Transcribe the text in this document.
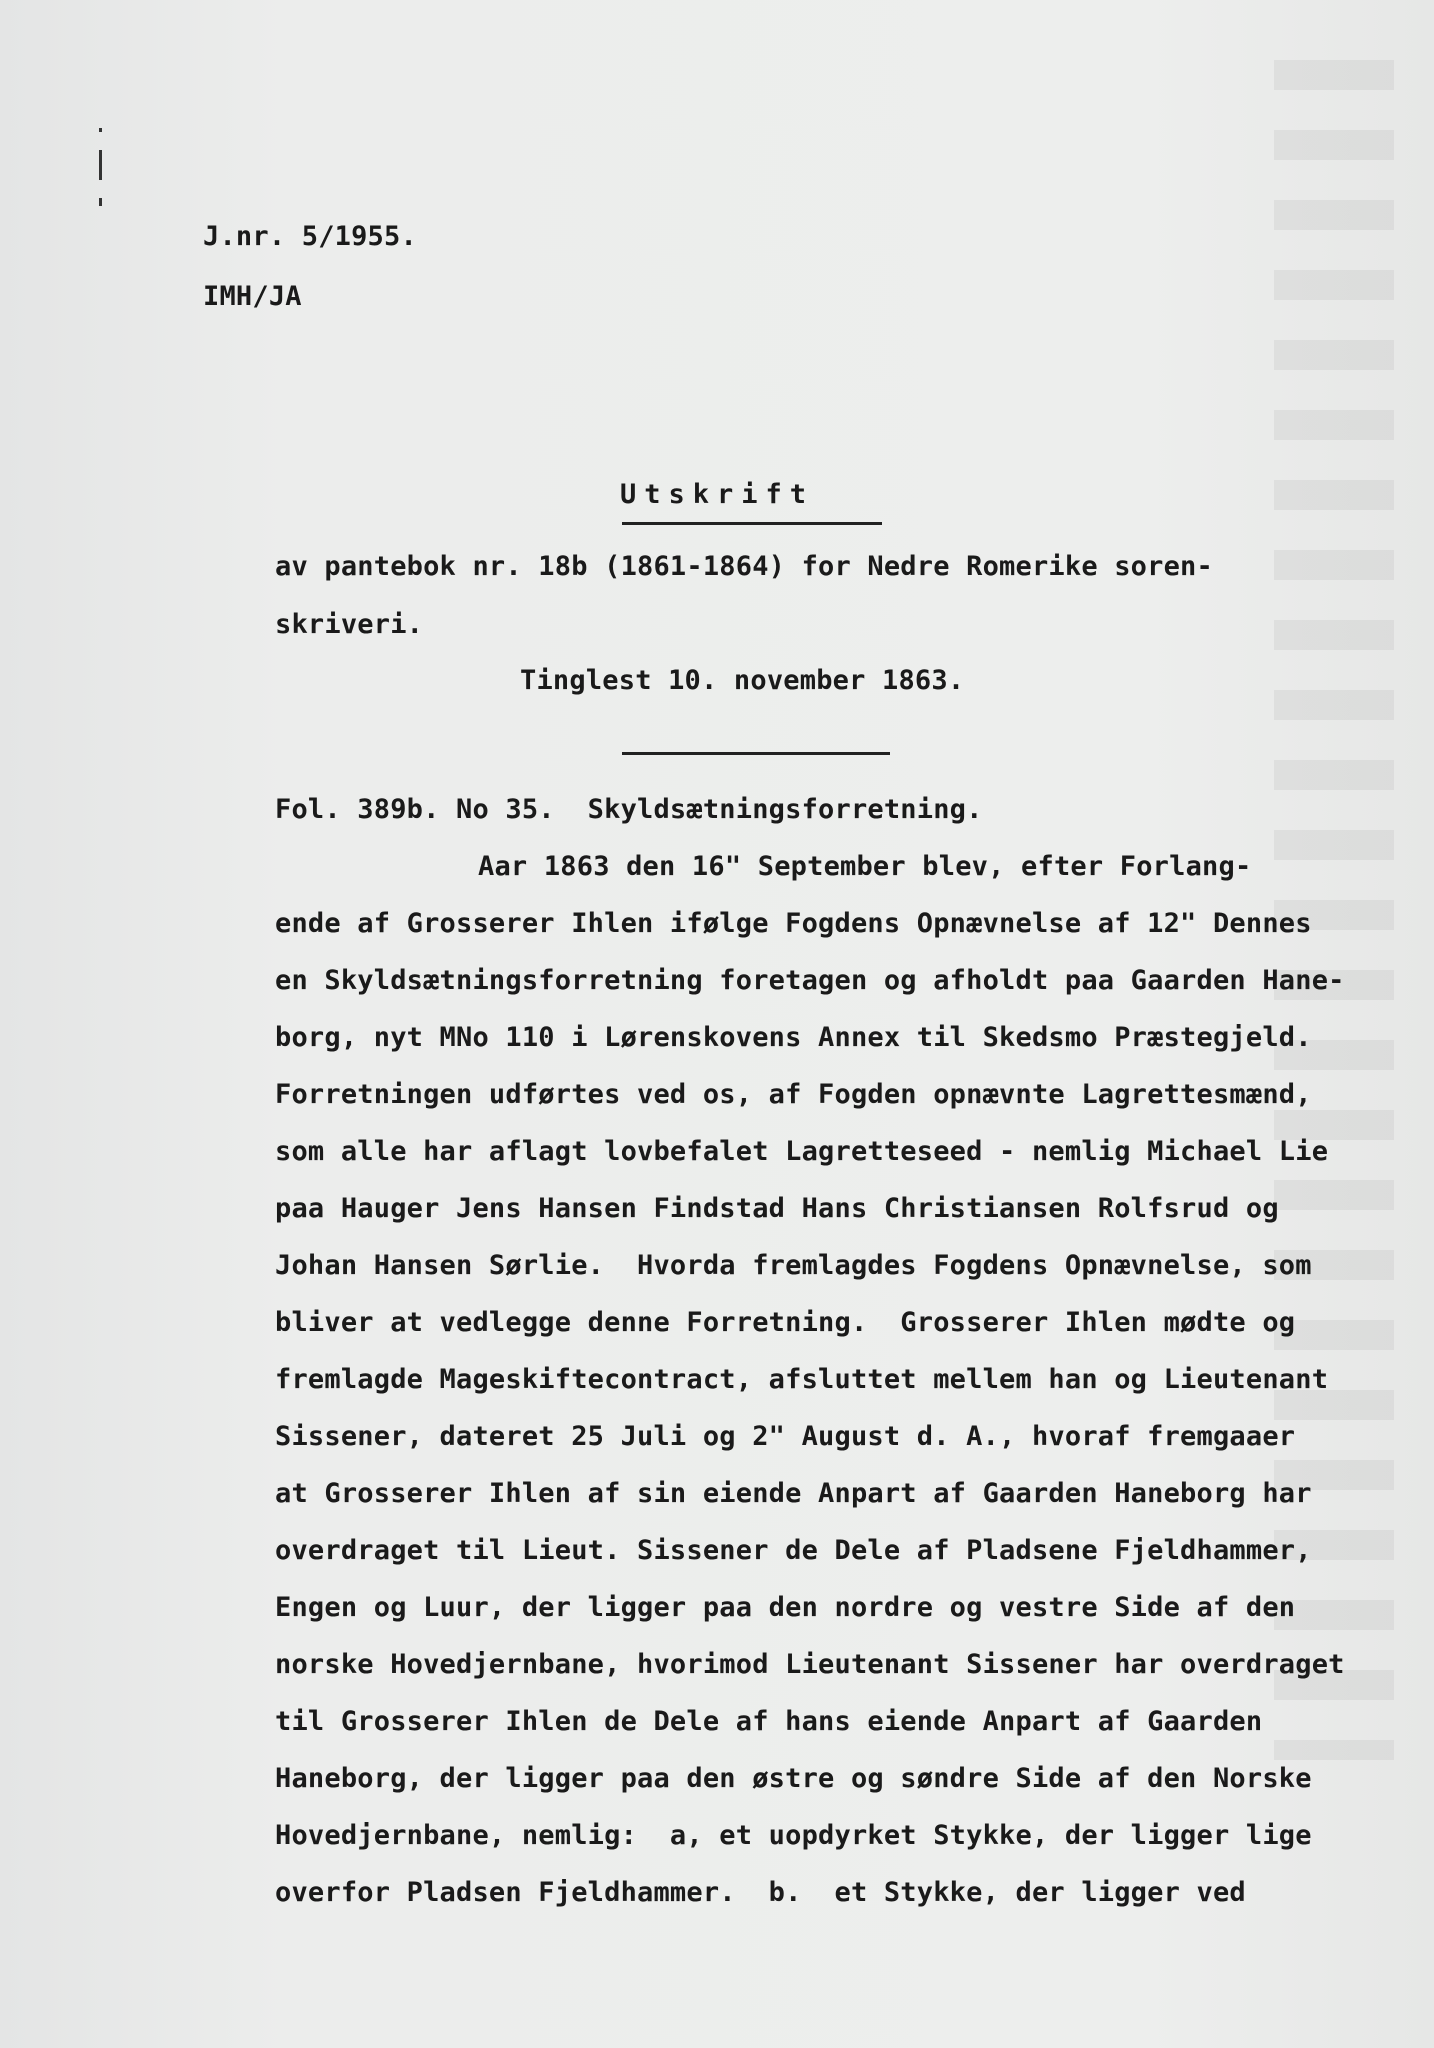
J.nr. 5/1955.
IMH/JA
Utskrift
av pantebok nr. 18b (1861-1864) for Nedre Romerike soren-
skriveri.
Tinglest 10. november 1863.
Fol. 389b. No 35.  Skyldsætningsforretning.
Aar 1863 den 16" September blev, efter Forlang-
ende af Grosserer Ihlen ifølge Fogdens Opnævnelse af 12" Dennes
en Skyldsætningsforretning foretagen og afholdt paa Gaarden Hane-
borg, nyt MNo 110 i Lørenskovens Annex til Skedsmo Præstegjeld.
Forretningen udførtes ved os, af Fogden opnævnte Lagrettesmænd,
som alle har aflagt lovbefalet Lagretteseed - nemlig Michael Lie
paa Hauger Jens Hansen Findstad Hans Christiansen Rolfsrud og
Johan Hansen Sørlie.  Hvorda fremlagdes Fogdens Opnævnelse, som
bliver at vedlegge denne Forretning.  Grosserer Ihlen mødte og
fremlagde Mageskiftecontract, afsluttet mellem han og Lieutenant
Sissener, dateret 25 Juli og 2" August d. A., hvoraf fremgaaer
at Grosserer Ihlen af sin eiende Anpart af Gaarden Haneborg har
overdraget til Lieut. Sissener de Dele af Pladsene Fjeldhammer,
Engen og Luur, der ligger paa den nordre og vestre Side af den
norske Hovedjernbane, hvorimod Lieutenant Sissener har overdraget
til Grosserer Ihlen de Dele af hans eiende Anpart af Gaarden
Haneborg, der ligger paa den østre og søndre Side af den Norske
Hovedjernbane, nemlig:  a, et uopdyrket Stykke, der ligger lige
overfor Pladsen Fjeldhammer.  b.  et Stykke, der ligger ved
